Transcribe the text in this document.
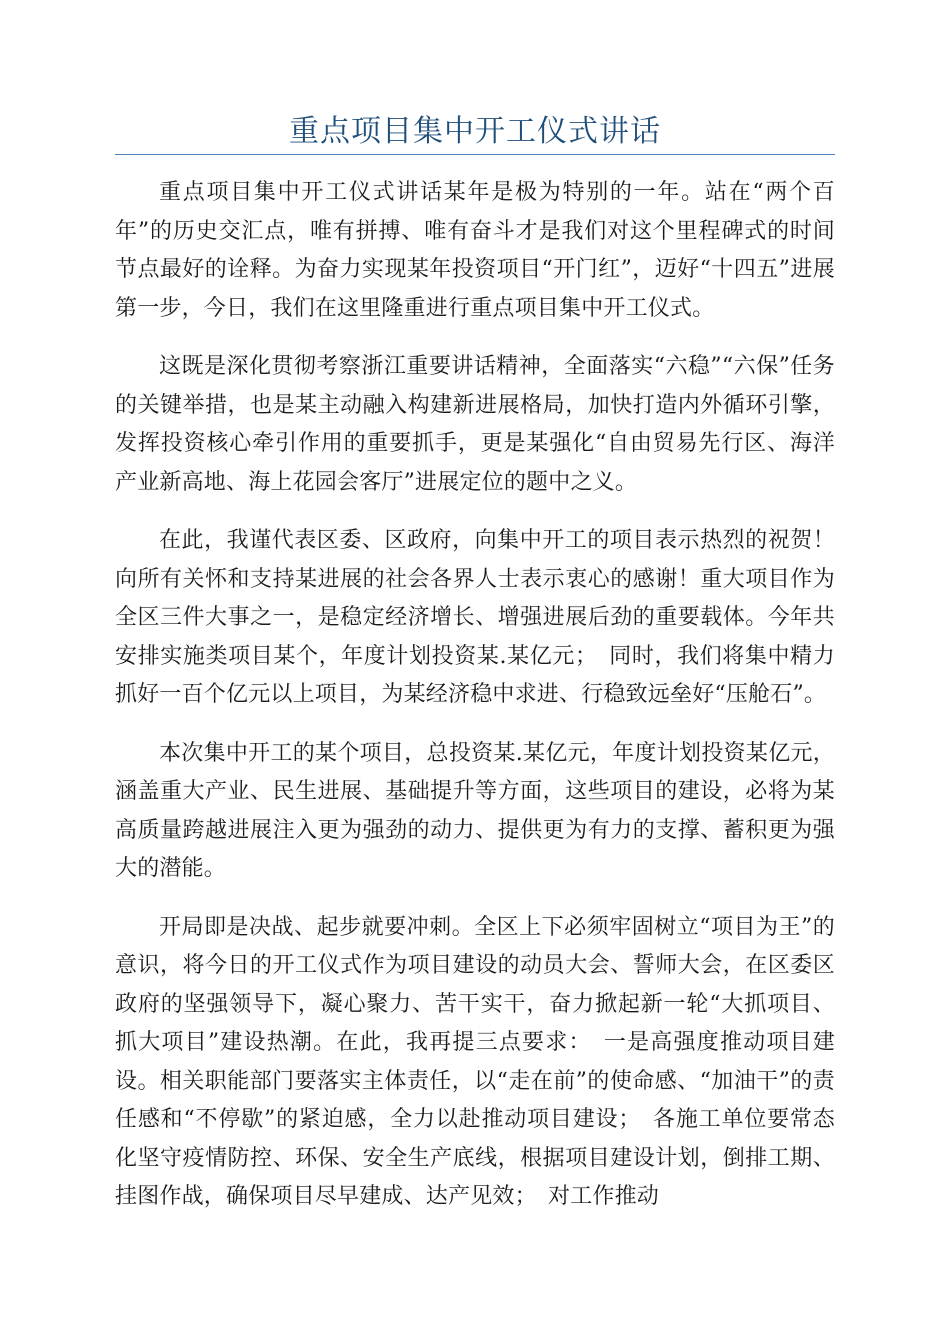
重点项目集中开工仪式讲话

重点项目集中开工仪式讲话某年是极为特别的一年。站在“两个百年”的历史交汇点，唯有拼搏、唯有奋斗才是我们对这个里程碑式的时间节点最好的诠释。为奋力实现某年投资项目“开门红”，迈好“十四五”进展第一步，今日，我们在这里隆重进行重点项目集中开工仪式。

这既是深化贯彻考察浙江重要讲话精神，全面落实“六稳”“六保”任务的关键举措，也是某主动融入构建新进展格局，加快打造内外循环引擎，发挥投资核心牵引作用的重要抓手，更是某强化“自由贸易先行区、海洋产业新高地、海上花园会客厅”进展定位的题中之义。

在此，我谨代表区委、区政府，向集中开工的项目表示热烈的祝贺！向所有关怀和支持某进展的社会各界人士表示衷心的感谢！重大项目作为全区三件大事之一，是稳定经济增长、增强进展后劲的重要载体。今年共安排实施类项目某个，年度计划投资某.某亿元；　同时，我们将集中精力抓好一百个亿元以上项目，为某经济稳中求进、行稳致远垒好“压舱石”。

本次集中开工的某个项目，总投资某.某亿元，年度计划投资某亿元，涵盖重大产业、民生进展、基础提升等方面，这些项目的建设，必将为某高质量跨越进展注入更为强劲的动力、提供更为有力的支撑、蓄积更为强大的潜能。

开局即是决战、起步就要冲刺。全区上下必须牢固树立“项目为王”的意识，将今日的开工仪式作为项目建设的动员大会、誓师大会，在区委区政府的坚强领导下，凝心聚力、苦干实干，奋力掀起新一轮“大抓项目、抓大项目”建设热潮。在此，我再提三点要求：　一是高强度推动项目建设。相关职能部门要落实主体责任，以“走在前”的使命感、“加油干”的责任感和“不停歇”的紧迫感，全力以赴推动项目建设；　各施工单位要常态化坚守疫情防控、环保、安全生产底线，根据项目建设计划，倒排工期、挂图作战，确保项目尽早建成、达产见效；　对工作推动
